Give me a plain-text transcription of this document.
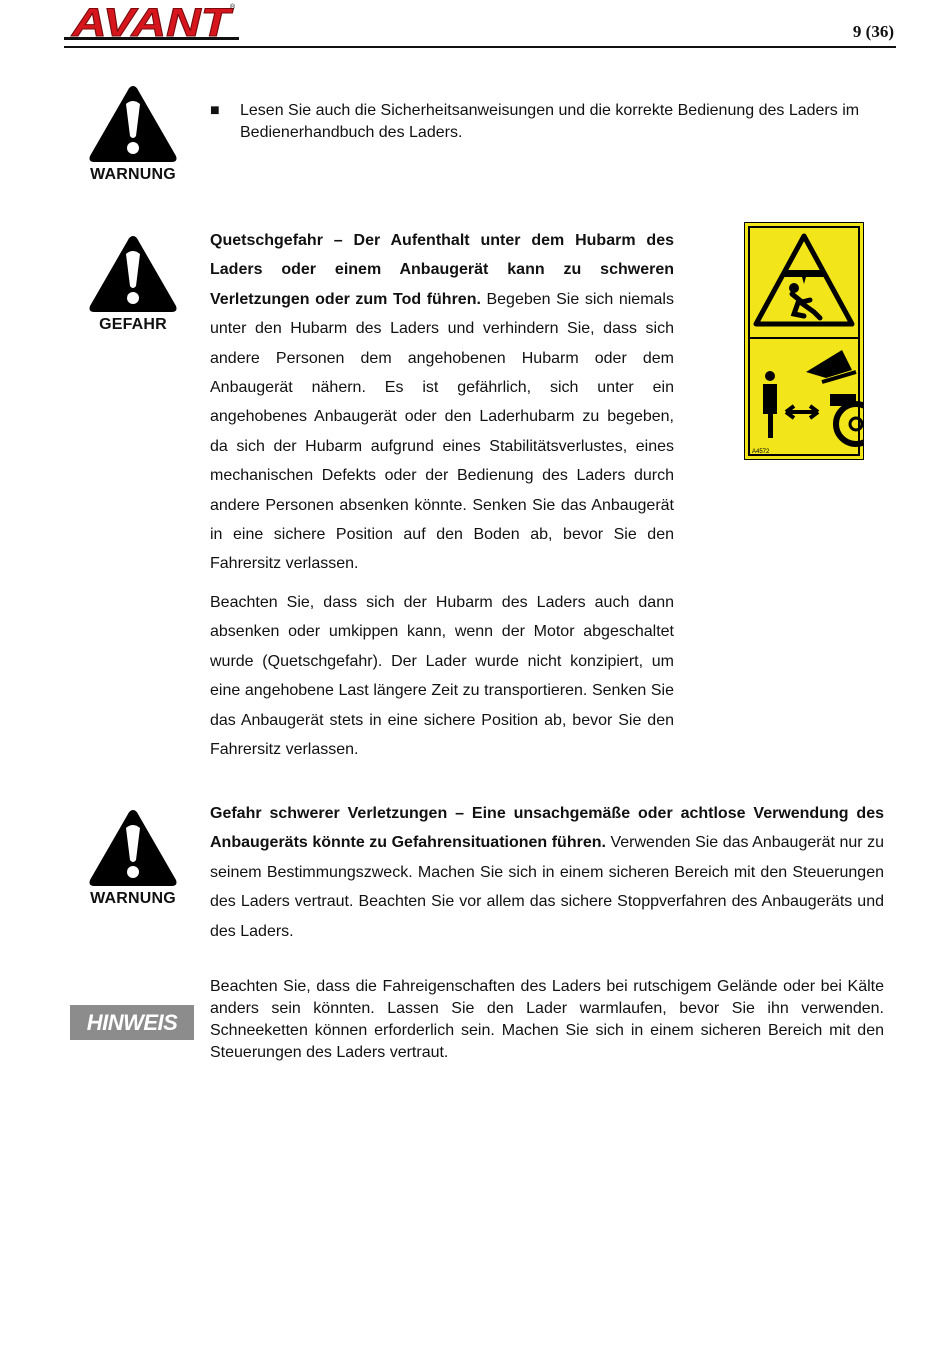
AVANT
®
9 (36)
WARNUNG
■ Lesen Sie auch die Sicherheitsanweisungen und die korrekte Bedienung des Laders im Bedienerhandbuch des Laders.
GEFAHR
Quetschgefahr – Der Aufenthalt unter dem Hubarm des Laders oder einem Anbaugerät kann zu schweren Verletzungen oder zum Tod führen. Begeben Sie sich niemals unter den Hubarm des Laders und verhindern Sie, dass sich andere Personen dem angehobenen Hubarm oder dem Anbaugerät nähern. Es ist gefährlich, sich unter ein angehobenes Anbaugerät oder den Laderhubarm zu begeben, da sich der Hubarm aufgrund eines Stabilitätsverlustes, eines mechanischen Defekts oder der Bedienung des Laders durch andere Personen absenken könnte. Senken Sie das Anbaugerät in eine sichere Position auf den Boden ab, bevor Sie den Fahrersitz verlassen.
Beachten Sie, dass sich der Hubarm des Laders auch dann absenken oder umkippen kann, wenn der Motor abgeschaltet wurde (Quetschgefahr). Der Lader wurde nicht konzipiert, um eine angehobene Last längere Zeit zu transportieren. Senken Sie das Anbaugerät stets in eine sichere Position ab, bevor Sie den Fahrersitz verlassen.
A4572
WARNUNG
Gefahr schwerer Verletzungen – Eine unsachgemäße oder achtlose Verwendung des Anbaugeräts könnte zu Gefahrensituationen führen. Verwenden Sie das Anbaugerät nur zu seinem Bestimmungszweck. Machen Sie sich in einem sicheren Bereich mit den Steuerungen des Laders vertraut. Beachten Sie vor allem das sichere Stoppverfahren des Anbaugeräts und des Laders.
HINWEIS
Beachten Sie, dass die Fahreigenschaften des Laders bei rutschigem Gelände oder bei Kälte anders sein könnten. Lassen Sie den Lader warmlaufen, bevor Sie ihn verwenden. Schneeketten können erforderlich sein. Machen Sie sich in einem sicheren Bereich mit den Steuerungen des Laders vertraut.
